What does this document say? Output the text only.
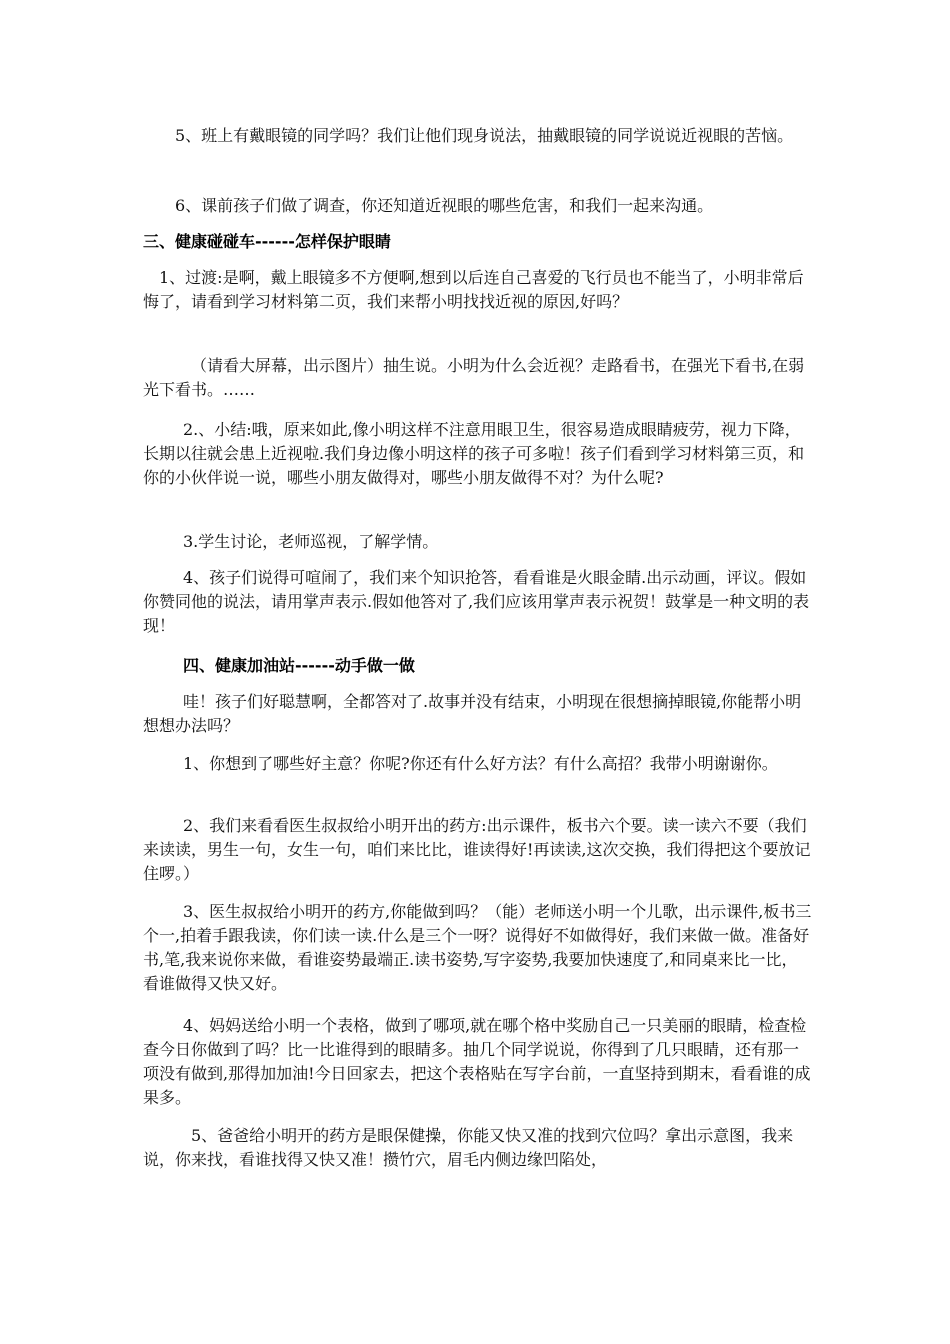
5、班上有戴眼镜的同学吗？我们让他们现身说法，抽戴眼镜的同学说说近视眼的苦恼。

6、课前孩子们做了调查，你还知道近视眼的哪些危害，和我们一起来沟通。

三、健康碰碰车------怎样保护眼睛

1、过渡:是啊，戴上眼镜多不方便啊,想到以后连自己喜爱的飞行员也不能当了，小明非常后悔了，请看到学习材料第二页，我们来帮小明找找近视的原因,好吗？

（请看大屏幕，出示图片）抽生说。小明为什么会近视？走路看书，在强光下看书,在弱光下看书。……

2.、小结:哦，原来如此,像小明这样不注意用眼卫生，很容易造成眼睛疲劳，视力下降，长期以往就会患上近视啦.我们身边像小明这样的孩子可多啦！孩子们看到学习材料第三页，和你的小伙伴说一说，哪些小朋友做得对，哪些小朋友做得不对？为什么呢?

3.学生讨论，老师巡视，了解学情。

4、孩子们说得可喧闹了，我们来个知识抢答，看看谁是火眼金睛.出示动画，评议。假如你赞同他的说法，请用掌声表示.假如他答对了,我们应该用掌声表示祝贺！鼓掌是一种文明的表现！

四、健康加油站------动手做一做

哇！孩子们好聪慧啊，全都答对了.故事并没有结束，小明现在很想摘掉眼镜,你能帮小明想想办法吗？

1、你想到了哪些好主意？你呢?你还有什么好方法？有什么高招？我带小明谢谢你。

2、我们来看看医生叔叔给小明开出的药方:出示课件，板书六个要。读一读六不要（我们来读读，男生一句，女生一句，咱们来比比，谁读得好!再读读,这次交换，我们得把这个要放记住啰。）

3、医生叔叔给小明开的药方,你能做到吗？（能）老师送小明一个儿歌，出示课件,板书三个一,拍着手跟我读，你们读一读.什么是三个一呀？说得好不如做得好，我们来做一做。准备好书,笔,我来说你来做，看谁姿势最端正.读书姿势,写字姿势,我要加快速度了,和同桌来比一比，看谁做得又快又好。

4、妈妈送给小明一个表格，做到了哪项,就在哪个格中奖励自己一只美丽的眼睛，检查检查今日你做到了吗？比一比谁得到的眼睛多。抽几个同学说说，你得到了几只眼睛，还有那一项没有做到,那得加加油!今日回家去，把这个表格贴在写字台前，一直坚持到期末，看看谁的成果多。

5、爸爸给小明开的药方是眼保健操，你能又快又准的找到穴位吗？拿出示意图，我来说，你来找，看谁找得又快又准！攒竹穴，眉毛内侧边缘凹陷处，
